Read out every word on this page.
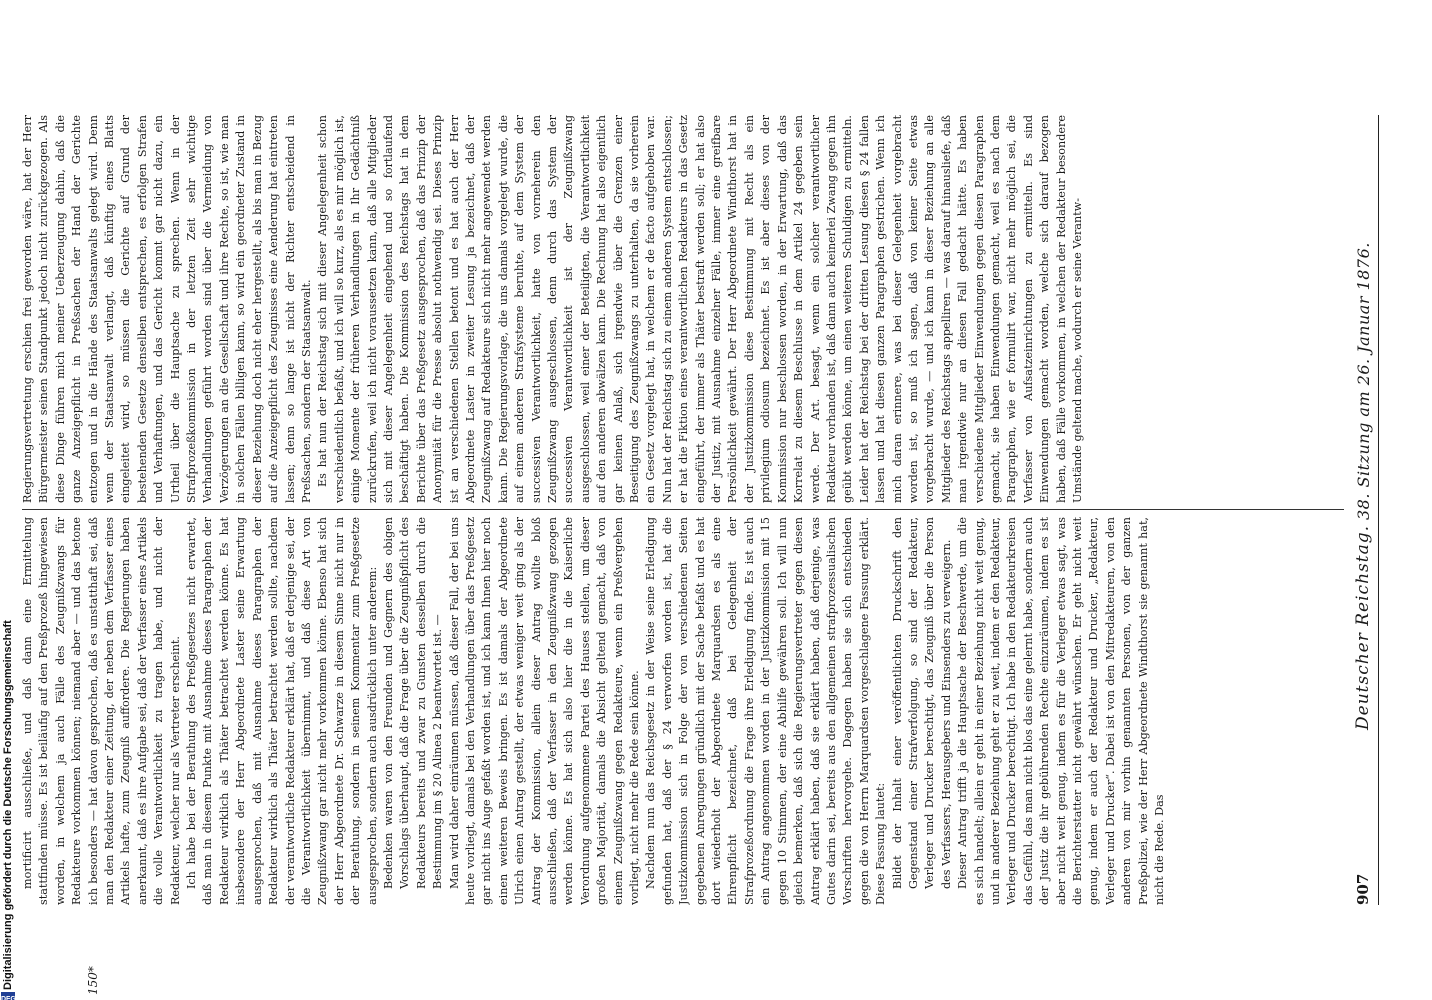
907
Deutscher Reichstag.
38. Sitzung am 26. Januar 1876.

mortificirt ausschließe, und daß dann eine Ermittelung stattfinden müsse. Es ist beiläufig auf den Preßprozeß hingewiesen worden, in welchem ja auch Fälle des Zeugnißzwangs für Redakteure vorkommen können; niemand aber — und das betone ich besonders — hat davon gesprochen, daß es unstatthaft sei, daß man den Redakteur einer Zeitung, der neben dem Verfasser eines Artikels hafte, zum Zeugniß auffordere. Die Regierungen haben anerkannt, daß es ihre Aufgabe sei, daß der Verfasser eines Artikels die volle Verantwortlichkeit zu tragen habe, und nicht der Redakteur, welcher nur als Vertreter erscheint. Ich habe bei der Berathung des Preßgesetzes nicht erwartet, daß man in diesem Punkte mit Ausnahme dieses Paragraphen der Redakteur wirklich als Thäter betrachtet werden könne. Es hat insbesondere der Herr Abgeordnete Laster seine Erwartung ausgesprochen, daß mit Ausnahme dieses Paragraphen der Redakteur wirklich als Thäter betrachtet werden sollte, nachdem der verantwortliche Redakteur erklärt hat, daß er derjenige sei, der die Verantwortlichkeit übernimmt, und daß diese Art von Zeugnißzwang gar nicht mehr vorkommen könne. Ebenso hat sich der Herr Abgeordnete Dr. Schwarze in diesem Sinne nicht nur in der Berathung, sondern in seinem Kommentar zum Preßgesetze ausgesprochen, sondern auch ausdrücklich unter anderem: Bedenken waren von den Freunden und Gegnern des obigen Vorschlags überhaupt, daß die Frage über die Zeugnißpflicht des Redakteurs bereits und zwar zu Gunsten desselben durch die Bestimmung im § 20 Alinea 2 beantwortet ist. — Man wird daher einräumen müssen, daß dieser Fall, der bei uns heute vorliegt, damals bei den Verhandlungen über das Preßgesetz gar nicht ins Auge gefaßt worden ist, und ich kann Ihnen hier noch einen weiteren Beweis bringen. Es ist damals der Abgeordnete Ulrich einen Antrag gestellt, der etwas weniger weit ging als der Antrag der Kommission, allein dieser Antrag wollte bloß ausschließen, daß der Verfasser in den Zeugnißzwang gezogen werden könne. Es hat sich also hier die in die Kaiserliche Verordnung aufgenommene Partei des Hauses stellen, um dieser großen Majorität, damals die Absicht geltend gemacht, daß von einem Zeugnißzwang gegen Redakteure, wenn ein Preßvergehen vorliegt, nicht mehr die Rede sein könne. Nachdem nun das Reichsgesetz in der Weise seine Erledigung gefunden hat, daß der § 24 verworfen worden ist, hat die Justizkommission sich in Folge der von verschiedenen Seiten gegebenen Anregungen gründlich mit der Sache befaßt und es hat dort wiederholt der Abgeordnete Marquardsen es als eine Ehrenpflicht bezeichnet, daß bei Gelegenheit der Strafprozeßordnung die Frage ihre Erledigung finde. Es ist auch ein Antrag angenommen worden in der Justizkommission mit 15 gegen 10 Stimmen, der eine Abhilfe gewähren soll. Ich will nun gleich bemerken, daß sich die Regierungsvertreter gegen diesen Antrag erklärt haben, daß sie erklärt haben, daß derjenige, was Gutes darin sei, bereits aus den allgemeinen strafprozessualischen Vorschriften hervorgehe. Dagegen haben sie sich entschieden gegen die von Herrn Marquardsen vorgeschlagene Fassung erklärt. Diese Fassung lautet: Bildet der Inhalt einer veröffentlichten Druckschrift den Gegenstand einer Strafverfolgung, so sind der Redakteur, Verleger und Drucker berechtigt, das Zeugniß über die Person des Verfassers, Herausgebers und Einsenders zu verweigern. Dieser Antrag trifft ja die Hauptsache der Beschwerde, um die es sich handelt; allein er geht in einer Beziehung nicht weit genug, und in anderer Beziehung geht er zu weit, indem er den Redakteur, Verleger und Drucker berechtigt. Ich habe in den Redakteurkreisen das Gefühl, das man nicht blos das eine gelernt habe, sondern auch der Justiz die ihr gebührenden Rechte einzuräumen, indem es ist aber nicht weit genug, indem es für die Verleger etwas sagt, was die Berichterstatter nicht gewährt wünschen. Er geht nicht weit genug, indem er auch der Redakteur und Drucker, „Redakteur, Verleger und Drucker“. Dabei ist von den Mitredakteuren, von den anderen von mir vorhin genannten Personen, von der ganzen Preßpolizei, wie der Herr Abgeordnete Windthorst sie genannt hat, nicht die Rede. Das

Regierungsvertretung erschien frei geworden wäre, hat der Herr Bürgermeister seinen Standpunkt jedoch nicht zurückgezogen. Als diese Dinge führen mich meiner Ueberzeugung dahin, daß die ganze Anzeigepflicht in Preßsachen der Hand der Gerichte entzogen und in die Hände des Staatsanwalts gelegt wird. Denn wenn der Staatsanwalt verlangt, daß künftig eines Blatts eingeleitet wird, so müssen die Gerichte auf Grund der bestehenden Gesetze denselben entsprechen, es erfolgen Strafen und Verhaftungen, und das Gericht kommt gar nicht dazu, ein Urtheil über die Hauptsache zu sprechen. Wenn in der Strafprozeßkommission in der letzten Zeit sehr wichtige Verhandlungen geführt worden sind über die Vermeidung von Verzögerungen an die Gesellschaft und ihre Rechte, so ist, wie man in solchen Fällen billigen kann, so wird ein geordneter Zustand in dieser Beziehung doch nicht eher hergestellt, als bis man in Bezug auf die Anzeigepflicht des Zeugnisses eine Aenderung hat eintreten lassen; denn so lange ist nicht der Richter entscheidend in Preßsachen, sondern der Staatsanwalt. Es hat nun der Reichstag sich mit dieser Angelegenheit schon verschiedentlich befaßt, und ich will so kurz, als es mir möglich ist, einige Momente der früheren Verhandlungen in Ihr Gedächtniß zurückrufen, weil ich nicht voraussetzen kann, daß alle Mitglieder sich mit dieser Angelegenheit eingehend und so fortlaufend beschäftigt haben. Die Kommission des Reichstags hat in dem Berichte über das Preßgesetz ausgesprochen, daß das Prinzip der Anonymität für die Presse absolut nothwendig sei. Dieses Prinzip ist an verschiedenen Stellen betont und es hat auch der Herr Abgeordnete Laster in zweiter Lesung ja bezeichnet, daß der Zeugnißzwang auf Redakteure sich nicht mehr angewendet werden kann. Die Regierungsvorlage, die uns damals vorgelegt wurde, die auf einem anderen Strafsysteme beruhte, auf dem System der successiven Verantwortlichkeit, hatte von vorneherein den Zeugnißzwang ausgeschlossen, denn durch das System der successiven Verantwortlichkeit ist der Zeugnißzwang ausgeschlossen, weil einer der Beteiligten, die Verantwortlichkeit auf den anderen abwälzen kann. Die Rechnung hat also eigentlich gar keinen Anlaß, sich irgendwie über die Grenzen einer Beseitigung des Zeugnißzwangs zu unterhalten, da sie vorherein ein Gesetz vorgelegt hat, in welchem er de facto aufgehoben war. Nun hat der Reichstag sich zu einem anderen System entschlossen; er hat die Fiktion eines verantwortlichen Redakteurs in das Gesetz eingeführt, der immer als Thäter bestraft werden soll; er hat also der Justiz, mit Ausnahme einzelner Fälle, immer eine greifbare Persönlichkeit gewährt. Der Herr Abgeordnete Windthorst hat in der Justizkommission diese Bestimmung mit Recht als ein privilegium odiosum bezeichnet. Es ist aber dieses von der Kommission nur beschlossen worden, in der Erwartung, daß das Korrelat zu diesem Beschlusse in dem Artikel 24 gegeben sein werde. Der Art. besagt, wenn ein solcher verantwortlicher Redakteur vorhanden ist, daß dann auch keinerlei Zwang gegen ihn geübt werden könne, um einen weiteren Schuldigen zu ermitteln. Leider hat der Reichstag bei der dritten Lesung diesen § 24 fallen lassen und hat diesen ganzen Paragraphen gestrichen. Wenn ich mich daran erinnere, was bei dieser Gelegenheit vorgebracht worden ist, so muß ich sagen, daß von keiner Seite etwas vorgebracht wurde, — und ich kann in dieser Beziehung an alle Mitglieder des Reichstags appelliren — was darauf hinausliefe, daß man irgendwie nur an diesen Fall gedacht hätte. Es haben verschiedene Mitglieder Einwendungen gegen diesen Paragraphen gemacht, sie haben Einwendungen gemacht, weil es nach dem Paragraphen, wie er formulirt war, nicht mehr möglich sei, die Verfasser von Aufsatzeinrichtungen zu ermitteln. Es sind Einwendungen gemacht worden, welche sich darauf bezogen haben, daß Fälle vorkommen, in welchen der Redakteur besondere Umstände geltend mache, wodurch er seine Verantw-

150*
Digitalisierung gefördert durch die Deutsche Forschungsgemeinschaft
DFG
